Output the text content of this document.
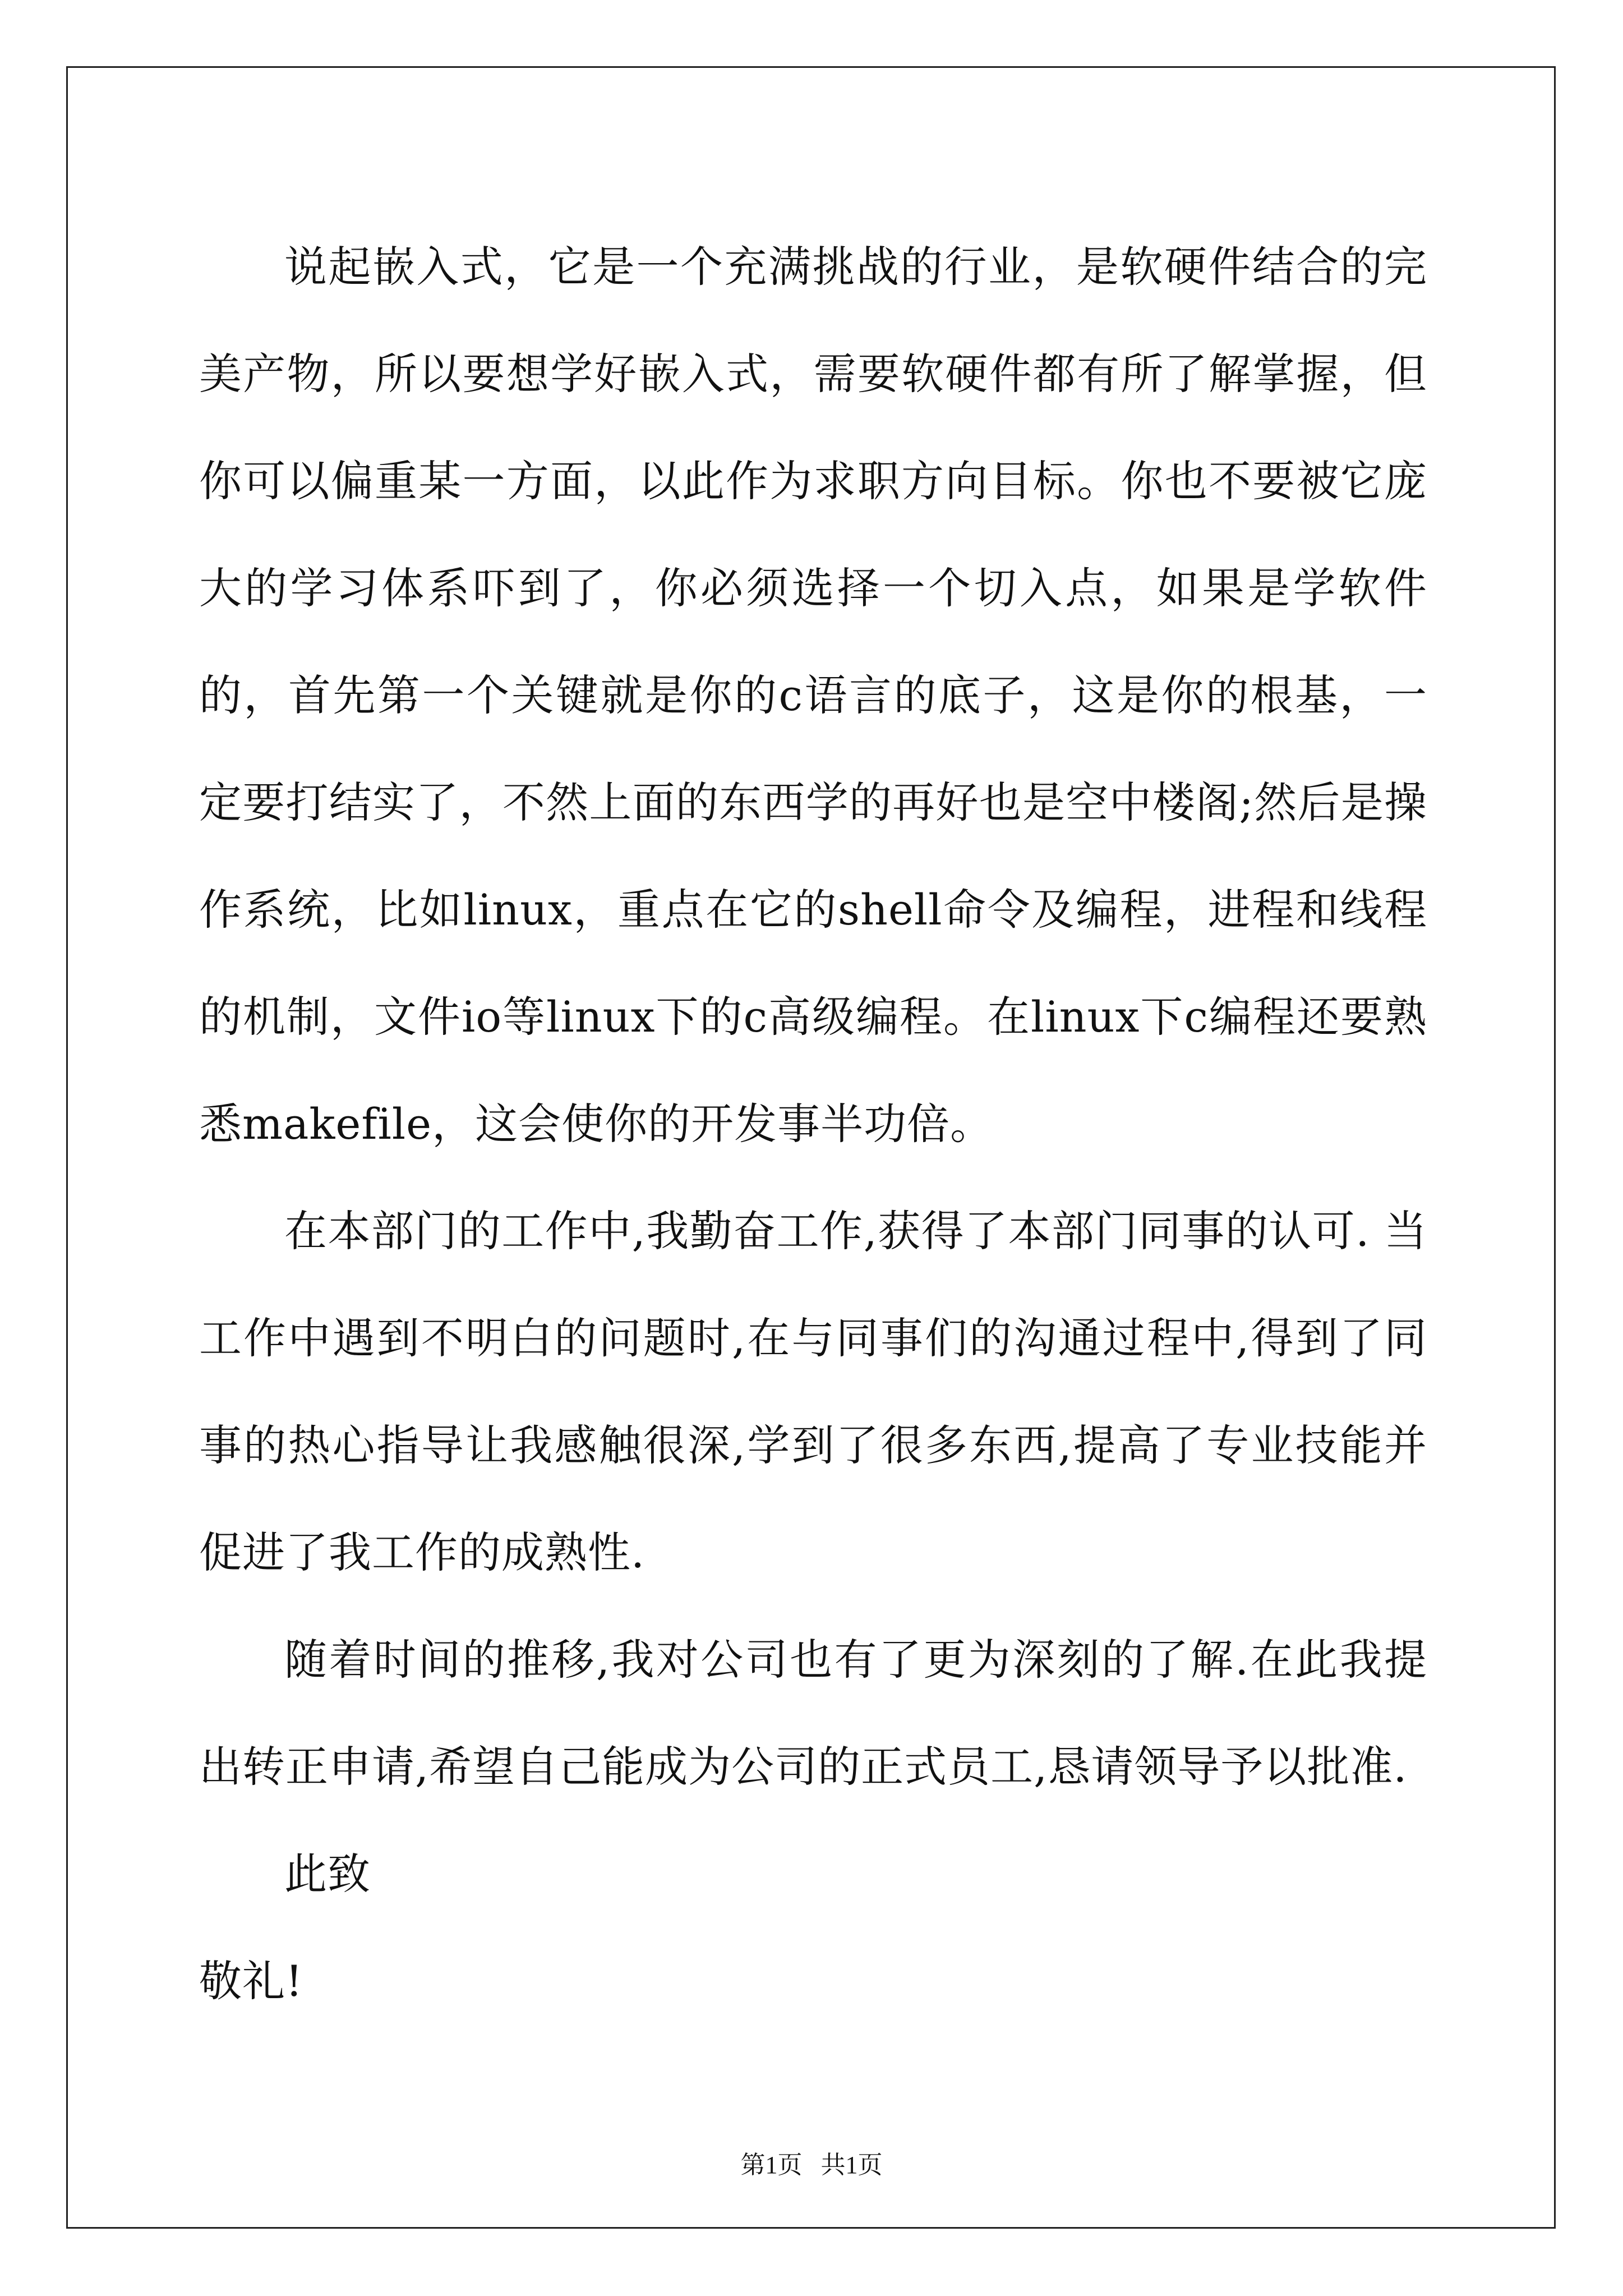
说起嵌入式，它是一个充满挑战的行业，是软硬件结合的完美产物，所以要想学好嵌入式，需要软硬件都有所了解掌握，但你可以偏重某一方面，以此作为求职方向目标。你也不要被它庞大的学习体系吓到了，你必须选择一个切入点，如果是学软件的，首先第一个关键就是你的c语言的底子，这是你的根基，一定要打结实了，不然上面的东西学的再好也是空中楼阁;然后是操作系统，比如linux，重点在它的shell命令及编程，进程和线程的机制，文件io等linux下的c高级编程。在linux下c编程还要熟悉makefile，这会使你的开发事半功倍。

在本部门的工作中,我勤奋工作,获得了本部门同事的认可. 当工作中遇到不明白的问题时,在与同事们的沟通过程中,得到了同事的热心指导让我感触很深,学到了很多东西,提高了专业技能并促进了我工作的成熟性.

随着时间的推移,我对公司也有了更为深刻的了解.在此我提出转正申请,希望自己能成为公司的正式员工,恳请领导予以批准.

此致

敬礼!

第1页   共1页
